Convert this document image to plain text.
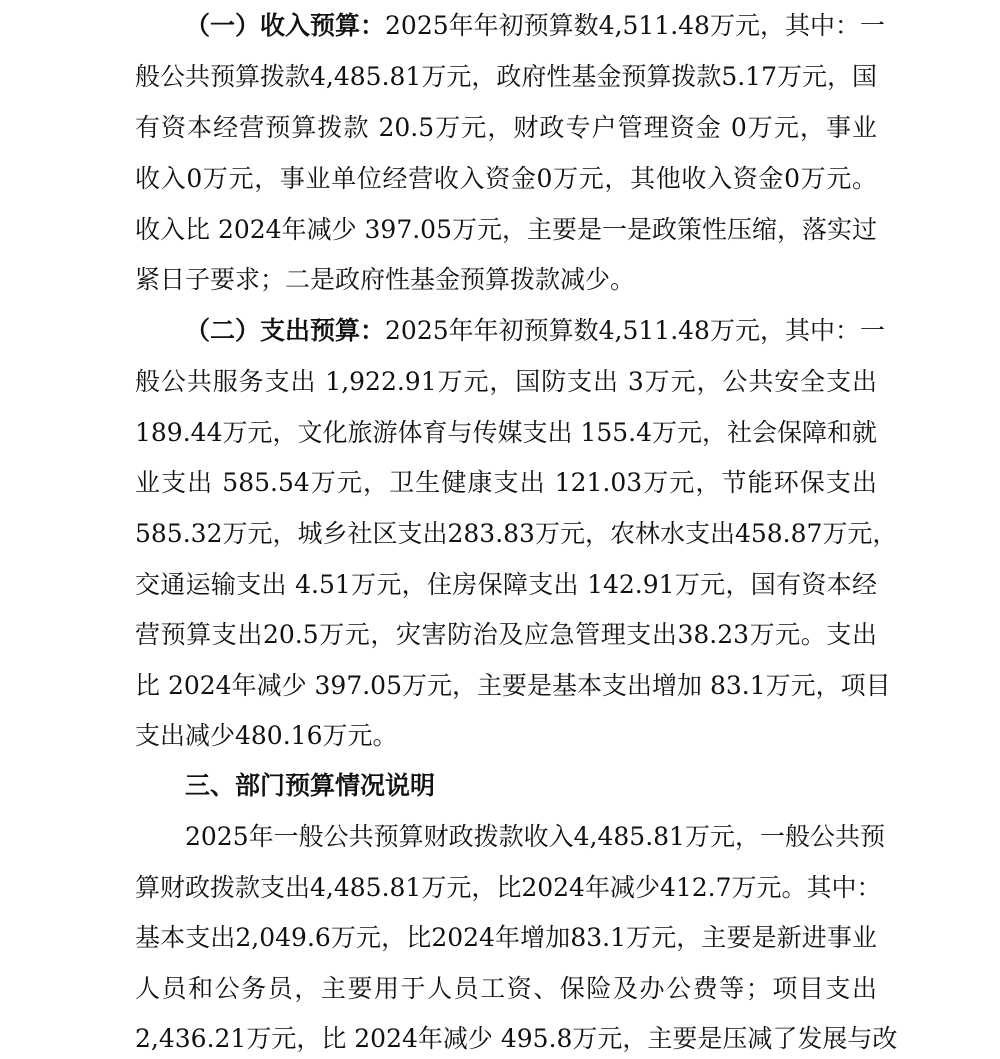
（一）收入预算：2025年年初预算数4,511.48万元，其中：一
般公共预算拨款4,485.81万元，政府性基金预算拨款5.17万元，国
有资本经营预算拨款 20.5万元，财政专户管理资金 0万元，事业
收入0万元，事业单位经营收入资金0万元，其他收入资金0万元。
收入比 2024年减少 397.05万元，主要是一是政策性压缩，落实过
紧日子要求；二是政府性基金预算拨款减少。
（二）支出预算：2025年年初预算数4,511.48万元，其中：一
般公共服务支出 1,922.91万元，国防支出 3万元，公共安全支出
189.44万元，文化旅游体育与传媒支出 155.4万元，社会保障和就
业支出 585.54万元，卫生健康支出 121.03万元，节能环保支出
585.32万元，城乡社区支出283.83万元，农林水支出458.87万元，
交通运输支出 4.51万元，住房保障支出 142.91万元，国有资本经
营预算支出20.5万元，灾害防治及应急管理支出38.23万元。支出
比 2024年减少 397.05万元，主要是基本支出增加 83.1万元，项目
支出减少480.16万元。
三、部门预算情况说明
2025年一般公共预算财政拨款收入4,485.81万元，一般公共预
算财政拨款支出4,485.81万元，比2024年减少412.7万元。其中：
基本支出2,049.6万元，比2024年增加83.1万元，主要是新进事业
人员和公务员，主要用于人员工资、保险及办公费等；项目支出
2,436.21万元，比 2024年减少 495.8万元，主要是压减了发展与改
